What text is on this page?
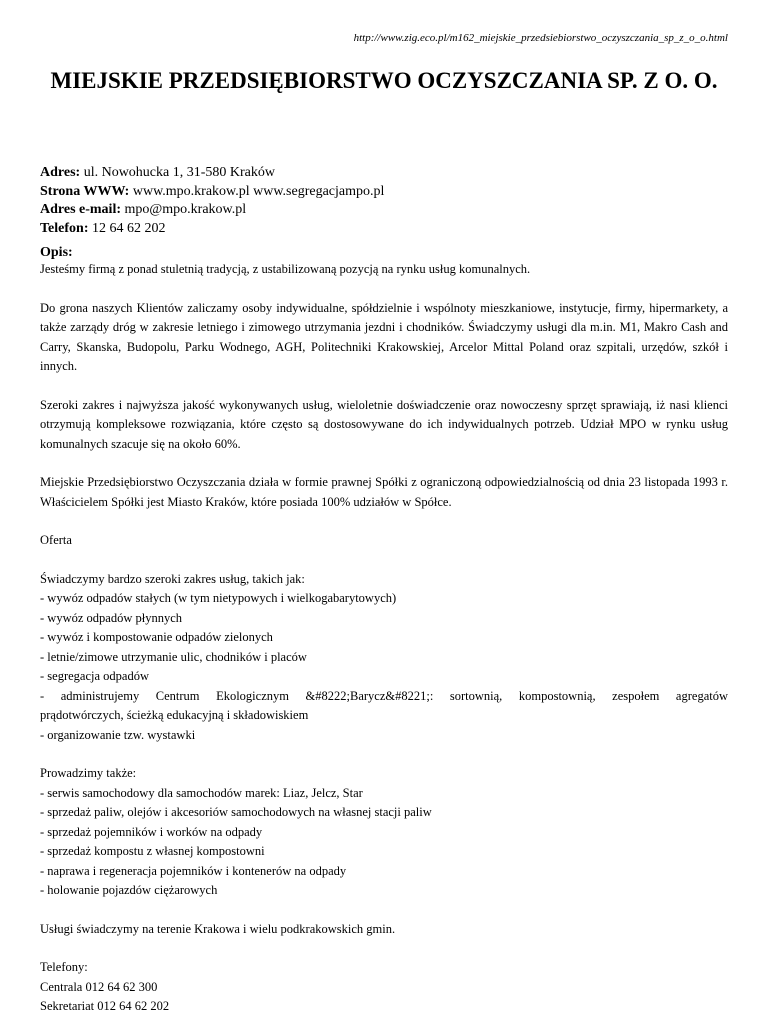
http://www.zig.eco.pl/m162_miejskie_przedsiebiorstwo_oczyszczania_sp_z_o_o.html
MIEJSKIE PRZEDSIĘBIORSTWO OCZYSZCZANIA SP. Z O. O.
Adres: ul. Nowohucka 1, 31-580 Kraków
Strona WWW: www.mpo.krakow.pl www.segregacjampo.pl
Adres e-mail: mpo@mpo.krakow.pl
Telefon: 12 64 62 202
Opis:

Jesteśmy firmą z ponad stuletnią tradycją, z ustabilizowaną pozycją na rynku usług komunalnych.

Do grona naszych Klientów zaliczamy osoby indywidualne, spółdzielnie i wspólnoty mieszkaniowe, instytucje, firmy, hipermarkety, a także zarządy dróg w zakresie letniego i zimowego utrzymania jezdni i chodników. Świadczymy usługi dla m.in. M1, Makro Cash and Carry, Skanska, Budopolu, Parku Wodnego, AGH, Politechniki Krakowskiej, Arcelor Mittal Poland oraz szpitali, urzędów, szkół i innych.

Szeroki zakres i najwyższa jakość wykonywanych usług, wieloletnie doświadczenie oraz nowoczesny sprzęt sprawiają, iż nasi klienci otrzymują kompleksowe rozwiązania, które często są dostosowywane do ich indywidualnych potrzeb. Udział MPO w rynku usług komunalnych szacuje się na około 60%.

Miejskie Przedsiębiorstwo Oczyszczania działa w formie prawnej Spółki z ograniczoną odpowiedzialnością od dnia 23 listopada 1993 r. Właścicielem Spółki jest Miasto Kraków, które posiada 100% udziałów w Spółce.

Oferta

Świadczymy bardzo szeroki zakres usług, takich jak:
- wywóz odpadów stałych (w tym nietypowych i wielkogabarytowych)
- wywóz odpadów płynnych
- wywóz i kompostowanie odpadów zielonych
- letnie/zimowe utrzymanie ulic, chodników i placów
- segregacja odpadów
- administrujemy Centrum Ekologicznym &#8222;Barycz&#8221;: sortownią, kompostownią, zespołem agregatów
prądotwórczych, ścieżką edukacyjną i składowiskiem
- organizowanie tzw. wystawki

Prowadzimy także:
- serwis samochodowy dla samochodów marek: Liaz, Jelcz, Star
- sprzedaż paliw, olejów i akcesoriów samochodowych na własnej stacji paliw
- sprzedaż pojemników i worków na odpady
- sprzedaż kompostu z własnej kompostowni
- naprawa i regeneracja pojemników i kontenerów na odpady
- holowanie pojazdów ciężarowych

Usługi świadczymy na terenie Krakowa i wielu podkrakowskich gmin.

Telefony:
Centrala 012 64 62 300
Sekretariat 012 64 62 202
